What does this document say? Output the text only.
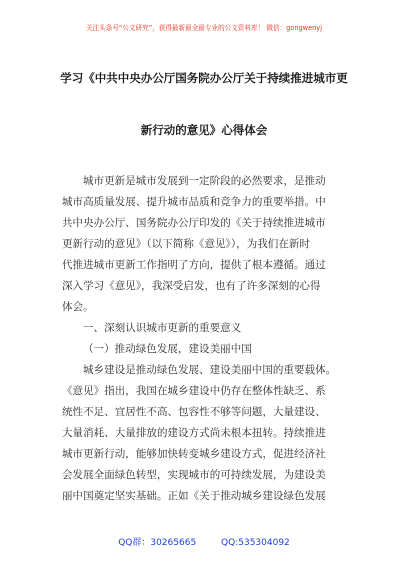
关注头条号“公文研究”，获得最新最全最专业的公文资料库！ 微信：gongwenyj
学习《中共中央办公厅国务院办公厅关于持续推进城市更
新行动的意见》心得体会
城市更新是城市发展到一定阶段的必然要求，是推动
城市高质量发展、提升城市品质和竞争力的重要举措。中
共中央办公厅、国务院办公厅印发的《关于持续推进城市
更新行动的意见》（以下简称《意见》），为我们在新时
代推进城市更新工作指明了方向，提供了根本遵循。通过
深入学习《意见》，我深受启发，也有了许多深刻的心得
体会。
一、深刻认识城市更新的重要意义
（一）推动绿色发展，建设美丽中国
城乡建设是推动绿色发展、建设美丽中国的重要载体。
《意见》指出，我国在城乡建设中仍存在整体性缺乏、系
统性不足、宜居性不高、包容性不够等问题，大量建设、
大量消耗、大量排放的建设方式尚未根本扭转。持续推进
城市更新行动，能够加快转变城乡建设方式，促进经济社
会发展全面绿色转型，实现城市的可持续发展，为建设美
丽中国奠定坚实基础。正如《关于推动城乡建设绿色发展
QQ群：30265665	QQ:535304092
